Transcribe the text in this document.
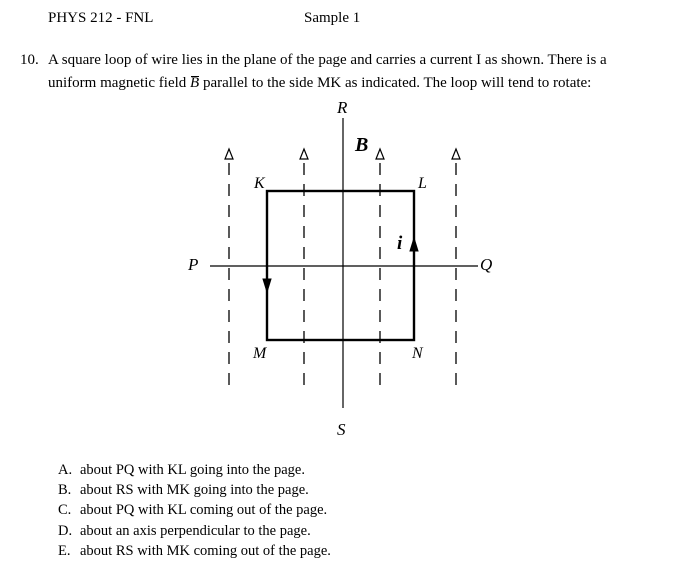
PHYS 212 - FNL	Sample 1
10. A square loop of wire lies in the plane of the page and carries a current I as shown. There is a
uniform magnetic field B parallel to the side MK as indicated. The loop will tend to rotate:
R
S
P	Q
K	L
M	N
B
i
A. about PQ with KL going into the page.
B. about RS with MK going into the page.
C. about PQ with KL coming out of the page.
D. about an axis perpendicular to the page.
E. about RS with MK coming out of the page.
